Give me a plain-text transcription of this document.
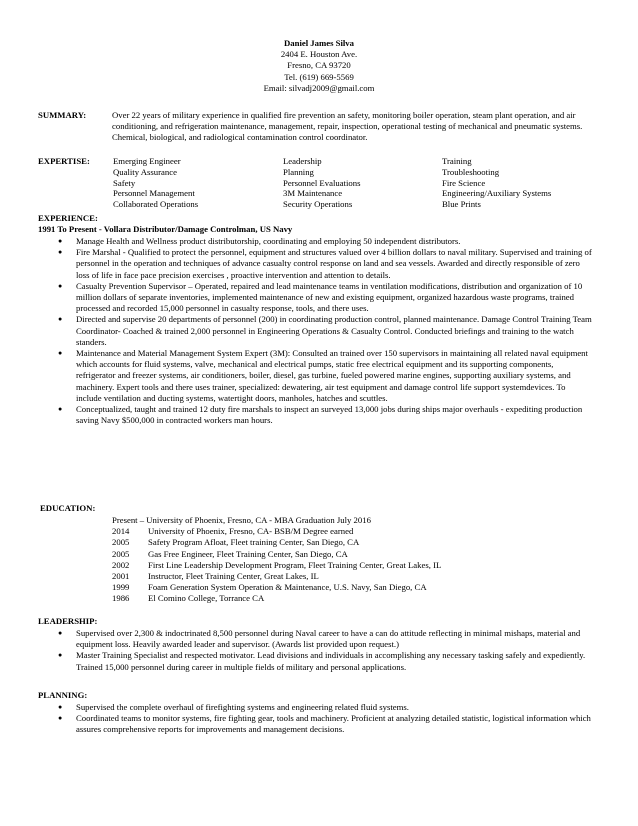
Daniel James Silva
2404 E. Houston Ave.
Fresno, CA 93720
Tel. (619) 669-5569
Email: silvadj2009@gmail.com
SUMMARY:	Over 22 years of military experience in qualified fire prevention an safety, monitoring boiler operation, steam plant operation, and air conditioning, and refrigeration maintenance, management, repair, inspection, operational testing of mechanical and pneumatic systems. Chemical, biological, and radiological contamination control coordinator.
EXPERTISE:	Emerging Engineer	Leadership	Training
Quality Assurance	Planning	Troubleshooting
Safety	Personnel Evaluations	Fire Science
Personnel Management	3M Maintenance	Engineering/Auxiliary Systems
Collaborated Operations	Security Operations	Blue Prints
EXPERIENCE:
1991 To Present - Vollara Distributor/Damage Controlman, US Navy
● Manage Health and Wellness product distributorship, coordinating and employing 50 independent distributors.
● Fire Marshal - Qualified to protect the personnel, equipment and structures valued over 4 billion dollars to naval military. Supervised and training of personnel in the operation and techniques of advance casualty control response on land and sea vessels. Awarded and directly responsible of zero loss of life in face pace precision exercises , proactive intervention and attention to details.
● Casualty Prevention Supervisor – Operated, repaired and lead maintenance teams in ventilation modifications, distribution and organization of 10 million dollars of separate inventories, implemented maintenance of new and existing equipment, organized hazardous waste programs, trained processed and recorded 15,000 personnel in casualty response, tools, and there uses.
● Directed and supervise 20 departments of personnel (200) in coordinating production control, planned maintenance. Damage Control Training Team Coordinator- Coached & trained 2,000 personnel in Engineering Operations & Casualty Control. Conducted briefings and training to the watch standers.
● Maintenance and Material Management System Expert (3M): Consulted an trained over 150 supervisors in maintaining all related naval equipment which accounts for fluid systems, valve, mechanical and electrical pumps, static free electrical equipment and its supporting components, refrigerator and freezer systems, air conditioners, boiler, diesel, gas turbine, fueled powered marine engines, supporting auxiliary systems, and machinery. Expert tools and there uses trainer, specialized: dewatering, air test equipment and damage control life support systemdevices. To include ventilation and ducting systems, watertight doors, manholes, hatches and scuttles.
● Conceptualized, taught and trained 12 duty fire marshals to inspect an surveyed 13,000 jobs during ships major overhauls - expediting production saving Navy $500,000 in contracted workers man hours.
EDUCATION:
Present – University of Phoenix, Fresno, CA - MBA Graduation July 2016
2014 University of Phoenix, Fresno, CA- BSB/M Degree earned
2005 Safety Program Afloat, Fleet training Center, San Diego, CA
2005 Gas Free Engineer, Fleet Training Center, San Diego, CA
2002 First Line Leadership Development Program, Fleet Training Center, Great Lakes, IL
2001 Instructor, Fleet Training Center, Great Lakes, IL
1999 Foam Generation System Operation & Maintenance, U.S. Navy, San Diego, CA
1986 El Comino College, Torrance CA
LEADERSHIP:
● Supervised over 2,300 & indoctrinated 8,500 personnel during Naval career to have a can do attitude reflecting in minimal mishaps, material and equipment loss. Heavily awarded leader and supervisor. (Awards list provided upon request.)
● Master Training Specialist and respected motivator. Lead divisions and individuals in accomplishing any necessary tasking safely and expediently. Trained 15,000 personnel during career in multiple fields of military and personal applications.
PLANNING:
● Supervised the complete overhaul of firefighting systems and engineering related fluid systems.
● Coordinated teams to monitor systems, fire fighting gear, tools and machinery. Proficient at analyzing detailed statistic, logistical information which assures comprehensive reports for improvements and management decisions.
